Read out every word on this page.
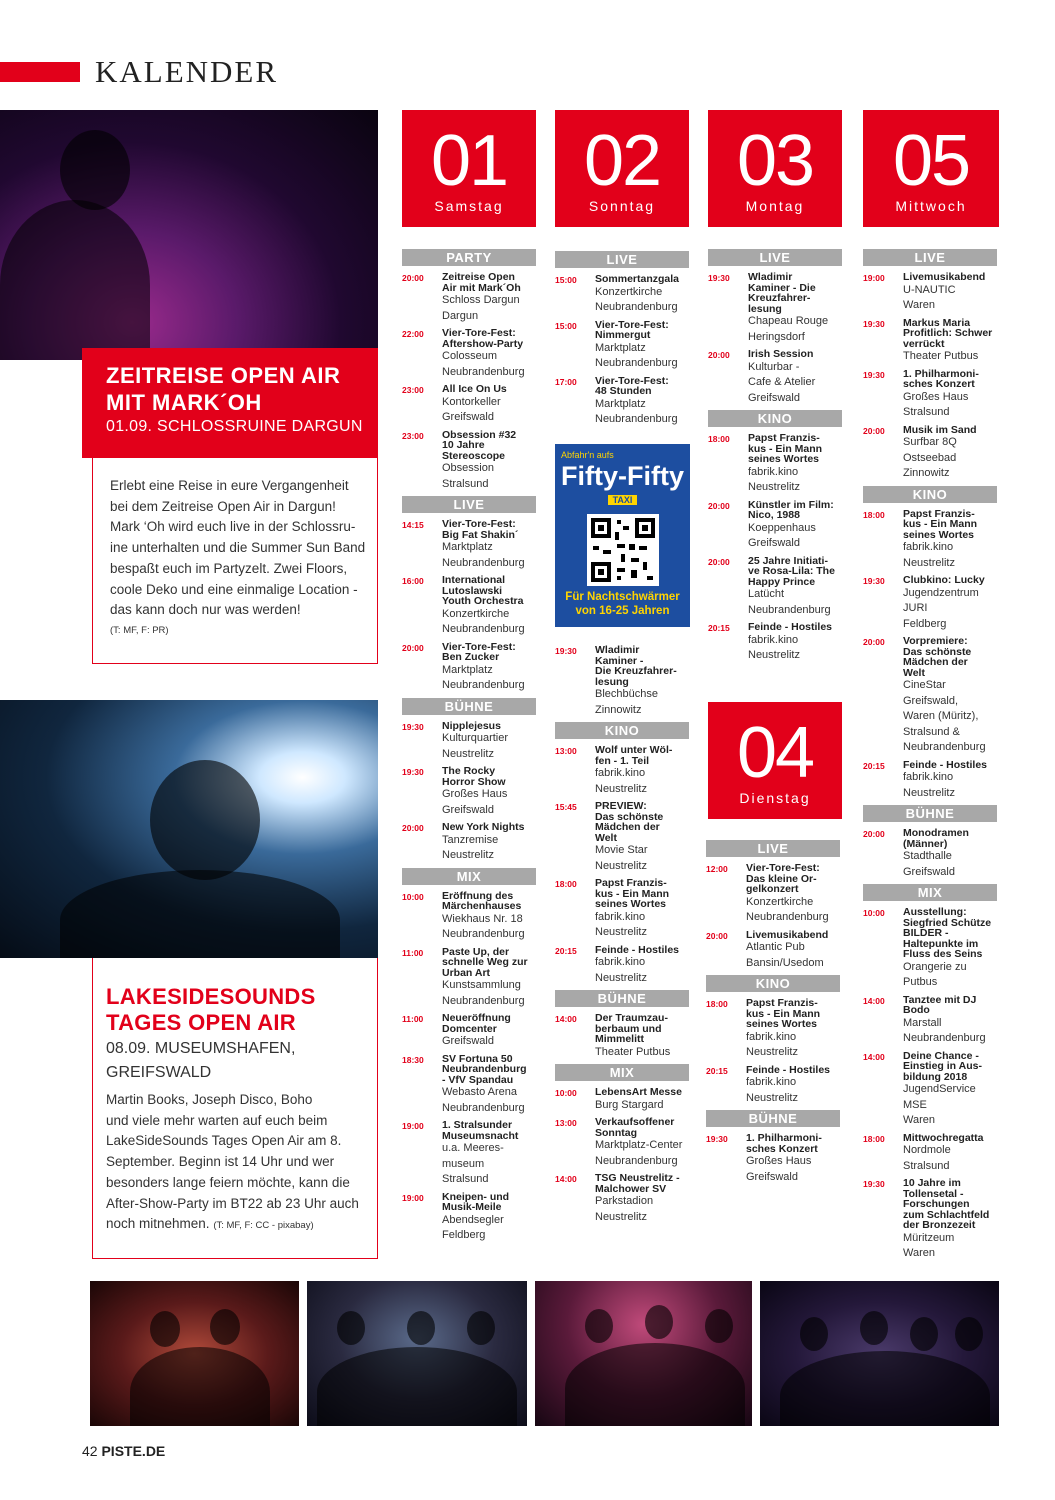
KALENDER
ZEITREISE OPEN AIR
MIT MARK´OH
01.09. SCHLOSSRUINE DARGUN
Erlebt eine Reise in eure Vergangenheit
bei dem Zeitreise Open Air in Dargun!
Mark ‘Oh wird euch live in der Schlossru-
ine unterhalten und die Summer Sun Band
bespaßt euch im Partyzelt. Zwei Floors,
coole Deko und eine einmalige Location -
das kann doch nur was werden!
(T: MF, F: PR)
LAKESIDESOUNDS
TAGES OPEN AIR
08.09. MUSEUMSHAFEN,
GREIFSWALD
Martin Books, Joseph Disco, Boho
und viele mehr warten auf euch beim
LakeSideSounds Tages Open Air am 8.
September. Beginn ist 14 Uhr und wer
besonders lange feiern möchte, kann die
After-Show-Party im BT22 ab 23 Uhr auch
noch mitnehmen. (T: MF, F: CC - pixabay)
01
Samstag
02
Sonntag
03
Montag
05
Mittwoch
04
Dienstag
PARTY
20:00	Zeitreise Open
Air mit Mark´Oh
Schloss Dargun
Dargun
22:00	Vier-Tore-Fest:
Aftershow-Party
Colosseum
Neubrandenburg
23:00	All Ice On Us
Kontorkeller
Greifswald
23:00	Obsession #32
10 Jahre
Stereoscope
Obsession
Stralsund
LIVE
14:15	Vier-Tore-Fest:
Big Fat Shakin´
Marktplatz
Neubrandenburg
16:00	International
Lutoslawski
Youth Orchestra
Konzertkirche
Neubrandenburg
20:00	Vier-Tore-Fest:
Ben Zucker
Marktplatz
Neubrandenburg
BÜHNE
19:30	Nipplejesus
Kulturquartier
Neustrelitz
19:30	The Rocky
Horror Show
Großes Haus
Greifswald
20:00	New York Nights
Tanzremise
Neustrelitz
MIX
10:00	Eröffnung des
Märchenhauses
Wiekhaus Nr. 18
Neubrandenburg
11:00	Paste Up, der
schnelle Weg zur
Urban Art
Kunstsammlung
Neubrandenburg
11:00	Neueröffnung
Domcenter
Greifswald
18:30	SV Fortuna 50
Neubrandenburg
- VfV Spandau
Webasto Arena
Neubrandenburg
19:00	1. Stralsunder
Museumsnacht
u.a. Meeres-
museum
Stralsund
19:00	Kneipen- und
Musik-Meile
Abendsegler
Feldberg
LIVE
15:00	Sommertanzgala
Konzertkirche
Neubrandenburg
15:00	Vier-Tore-Fest:
Nimmergut
Marktplatz
Neubrandenburg
17:00	Vier-Tore-Fest:
48 Stunden
Marktplatz
Neubrandenburg
19:30	Wladimir
Kaminer -
Die Kreuzfahrer-
lesung
Blechbüchse
Zinnowitz
KINO
13:00	Wolf unter Wöl-
fen - 1. Teil
fabrik.kino
Neustrelitz
15:45	PREVIEW:
Das schönste
Mädchen der
Welt
Movie Star
Neustrelitz
18:00	Papst Franzis-
kus - Ein Mann
seines Wortes
fabrik.kino
Neustrelitz
20:15	Feinde - Hostiles
fabrik.kino
Neustrelitz
BÜHNE
14:00	Der Traumzau-
berbaum und
Mimmelitt
Theater Putbus
MIX
10:00	LebensArt Messe
Burg Stargard
13:00	Verkaufsoffener
Sonntag
Marktplatz-Center
Neubrandenburg
14:00	TSG Neustrelitz -
Malchower SV
Parkstadion
Neustrelitz
LIVE
19:30	Wladimir
Kaminer - Die
Kreuzfahrer-
lesung
Chapeau Rouge
Heringsdorf
20:00	Irish Session
Kulturbar -
Cafe & Atelier
Greifswald
KINO
18:00	Papst Franzis-
kus - Ein Mann
seines Wortes
fabrik.kino
Neustrelitz
20:00	Künstler im Film:
Nico, 1988
Koeppenhaus
Greifswald
20:00	25 Jahre Initiati-
ve Rosa-Lila: The
Happy Prince
Latücht
Neubrandenburg
20:15	Feinde - Hostiles
fabrik.kino
Neustrelitz
LIVE
12:00	Vier-Tore-Fest:
Das kleine Or-
gelkonzert
Konzertkirche
Neubrandenburg
20:00	Livemusikabend
Atlantic Pub
Bansin/Usedom
KINO
18:00	Papst Franzis-
kus - Ein Mann
seines Wortes
fabrik.kino
Neustrelitz
20:15	Feinde - Hostiles
fabrik.kino
Neustrelitz
BÜHNE
19:30	1. Philharmoni-
sches Konzert
Großes Haus
Greifswald
LIVE
19:00	Livemusikabend
U-NAUTIC
Waren
19:30	Markus Maria
Profitlich: Schwer
verrückt
Theater Putbus
19:30	1. Philharmoni-
sches Konzert
Großes Haus
Stralsund
20:00	Musik im Sand
Surfbar 8Q
Ostseebad
Zinnowitz
KINO
18:00	Papst Franzis-
kus - Ein Mann
seines Wortes
fabrik.kino
Neustrelitz
19:30	Clubkino: Lucky
Jugendzentrum
JURI
Feldberg
20:00	Vorpremiere:
Das schönste
Mädchen der
Welt
CineStar
Greifswald,
Waren (Müritz),
Stralsund &
Neubrandenburg
20:15	Feinde - Hostiles
fabrik.kino
Neustrelitz
BÜHNE
20:00	Monodramen
(Männer)
Stadthalle
Greifswald
MIX
10:00	Ausstellung:
Siegfried Schütze
BILDER -
Haltepunkte im
Fluss des Seins
Orangerie zu
Putbus
14:00	Tanztee mit DJ
Bodo
Marstall
Neubrandenburg
14:00	Deine Chance -
Einstieg in Aus-
bildung 2018
JugendService
MSE
Waren
18:00	Mittwochregatta
Nordmole
Stralsund
19:30	10 Jahre im
Tollensetal -
Forschungen
zum Schlachtfeld
der Bronzezeit
Müritzeum
Waren
Abfahr'n aufs
Fifty-Fifty
TAXI
Für Nachtschwärmer
von 16-25 Jahren
42 PISTE.DE
